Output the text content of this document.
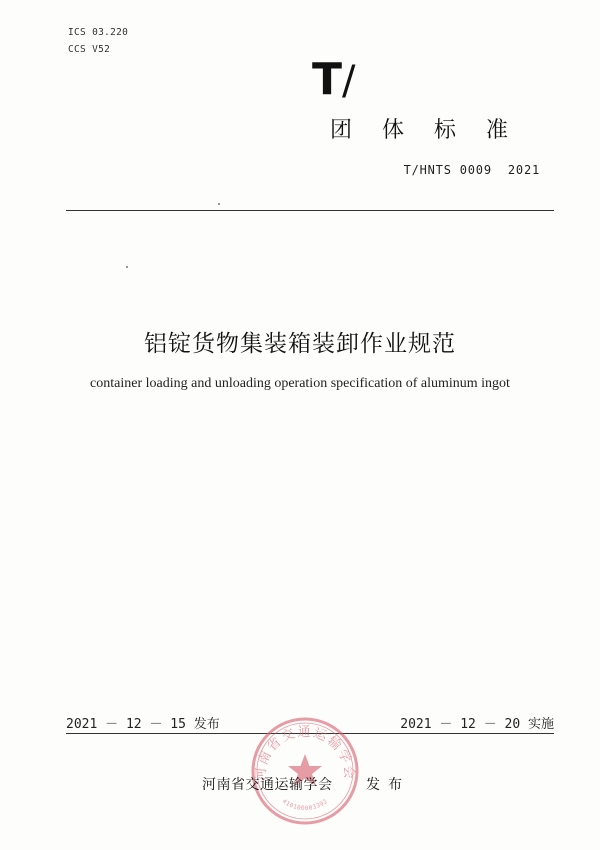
ICS 03.220
CCS V52
T/
团体标准
T/HNTS 0009  2021
铝锭货物集装箱装卸作业规范
container loading and unloading operation specification of aluminum ingot
2021 － 12 － 15 发布	2021 － 12 － 20 实施
河南省交通运输学会
410100003392
河南省交通运输学会 发布
